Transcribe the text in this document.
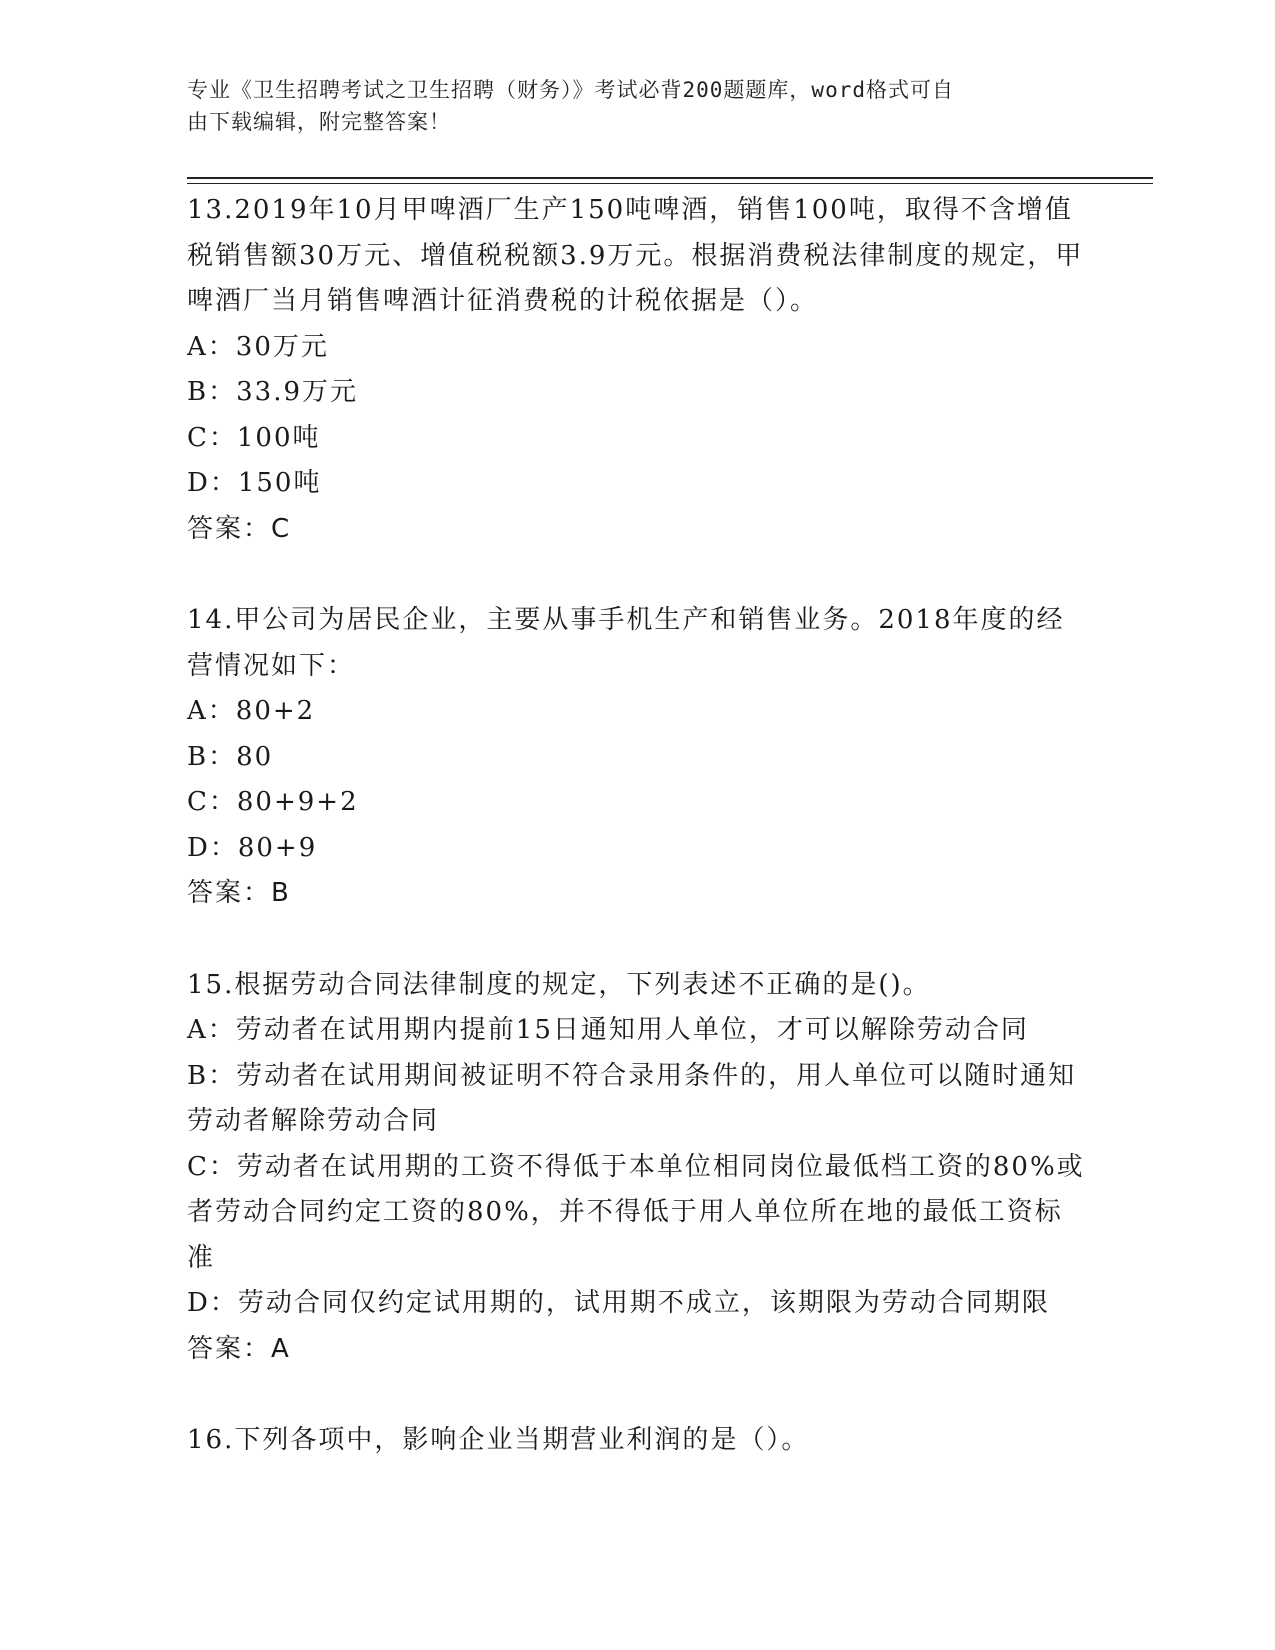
专业《卫生招聘考试之卫生招聘（财务）》考试必背200题题库，word格式可自
由下载编辑，附完整答案！

13.2019年10月甲啤酒厂生产150吨啤酒，销售100吨，取得不含增值税销售额30万元、增值税税额3.9万元。根据消费税法律制度的规定，甲啤酒厂当月销售啤酒计征消费税的计税依据是（）。

A：30万元

B：33.9万元

C：100吨

D：150吨

答案：C

14.甲公司为居民企业，主要从事手机生产和销售业务。2018年度的经营情况如下：

A：80+2

B：80

C：80+9+2

D：80+9

答案：B

15.根据劳动合同法律制度的规定，下列表述不正确的是()。

A：劳动者在试用期内提前15日通知用人单位，才可以解除劳动合同

B：劳动者在试用期间被证明不符合录用条件的，用人单位可以随时通知劳动者解除劳动合同

C：劳动者在试用期的工资不得低于本单位相同岗位最低档工资的80%或者劳动合同约定工资的80%，并不得低于用人单位所在地的最低工资标准

D：劳动合同仅约定试用期的，试用期不成立，该期限为劳动合同期限

答案：A

16.下列各项中，影响企业当期营业利润的是（）。
